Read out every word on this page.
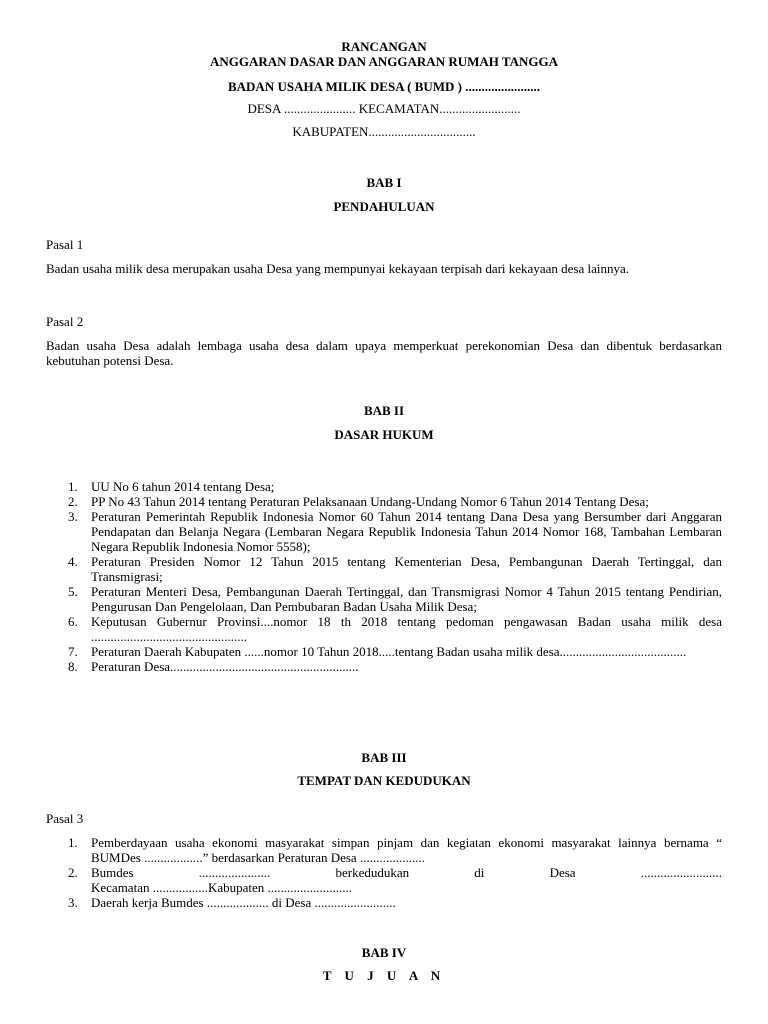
RANCANGAN
ANGGARAN DASAR DAN ANGGARAN RUMAH TANGGA
BADAN USAHA MILIK DESA ( BUMD ) .......................
DESA ...................... KECAMATAN.........................
KABUPATEN.................................
BAB I
PENDAHULUAN
Pasal 1
Badan usaha milik desa merupakan usaha Desa yang mempunyai kekayaan terpisah dari kekayaan desa lainnya.
Pasal 2
Badan usaha Desa adalah lembaga usaha desa dalam upaya memperkuat perekonomian Desa dan dibentuk berdasarkan kebutuhan potensi Desa.
BAB II
DASAR HUKUM
1. UU No 6 tahun 2014 tentang Desa;
2. PP No 43 Tahun 2014 tentang Peraturan Pelaksanaan Undang-Undang Nomor 6 Tahun 2014 Tentang Desa;
3. Peraturan Pemerintah Republik Indonesia Nomor 60 Tahun 2014 tentang Dana Desa yang Bersumber dari Anggaran Pendapatan dan Belanja Negara (Lembaran Negara Republik Indonesia Tahun 2014 Nomor 168, Tambahan Lembaran Negara Republik Indonesia Nomor 5558);
4. Peraturan Presiden Nomor 12 Tahun 2015 tentang Kementerian Desa, Pembangunan Daerah Tertinggal, dan Transmigrasi;
5. Peraturan Menteri Desa, Pembangunan Daerah Tertinggal, dan Transmigrasi Nomor 4 Tahun 2015 tentang Pendirian, Pengurusan Dan Pengelolaan, Dan Pembubaran Badan Usaha Milik Desa;
6. Keputusan Gubernur Provinsi....nomor 18 th 2018 tentang pedoman pengawasan Badan usaha milik desa ................................................
7. Peraturan Daerah Kabupaten ......nomor 10 Tahun 2018.....tentang Badan usaha milik desa.......................................
8. Peraturan Desa..........................................................
BAB III
TEMPAT DAN KEDUDUKAN
Pasal 3
1. Pemberdayaan usaha ekonomi masyarakat simpan pinjam dan kegiatan ekonomi masyarakat lainnya bernama “ BUMDes ..................” berdasarkan Peraturan Desa ....................
2. Bumdes	......................	berkedudukan	di	Desa	.........................
Kecamatan .................Kabupaten ..........................
3. Daerah kerja Bumdes ................... di Desa .........................
BAB IV
T U J U A N
